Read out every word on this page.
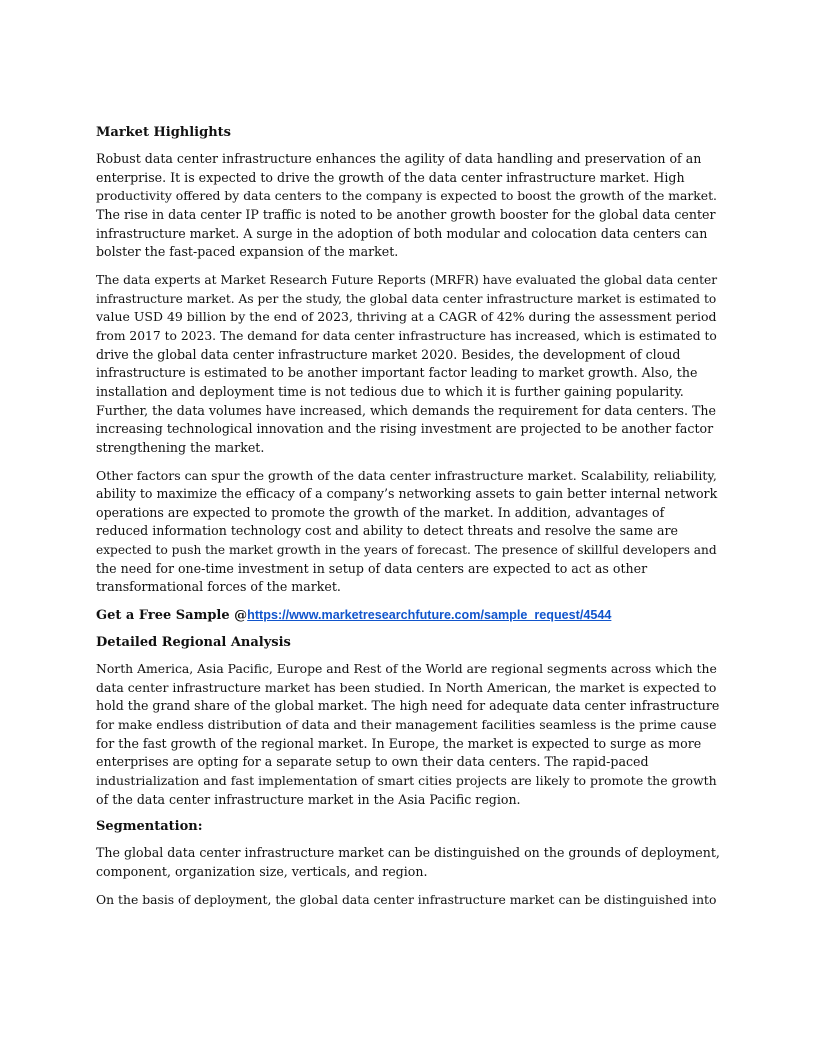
Market Highlights
Robust data center infrastructure enhances the agility of data handling and preservation of an
enterprise. It is expected to drive the growth of the data center infrastructure market. High
productivity offered by data centers to the company is expected to boost the growth of the market.
The rise in data center IP traffic is noted to be another growth booster for the global data center
infrastructure market. A surge in the adoption of both modular and colocation data centers can
bolster the fast-paced expansion of the market.
The data experts at Market Research Future Reports (MRFR) have evaluated the global data center
infrastructure market. As per the study, the global data center infrastructure market is estimated to
value USD 49 billion by the end of 2023, thriving at a CAGR of 42% during the assessment period
from 2017 to 2023. The demand for data center infrastructure has increased, which is estimated to
drive the global data center infrastructure market 2020. Besides, the development of cloud
infrastructure is estimated to be another important factor leading to market growth. Also, the
installation and deployment time is not tedious due to which it is further gaining popularity.
Further, the data volumes have increased, which demands the requirement for data centers. The
increasing technological innovation and the rising investment are projected to be another factor
strengthening the market.
Other factors can spur the growth of the data center infrastructure market. Scalability, reliability,
ability to maximize the efficacy of a company’s networking assets to gain better internal network
operations are expected to promote the growth of the market. In addition, advantages of
reduced information technology cost and ability to detect threats and resolve the same are
expected to push the market growth in the years of forecast. The presence of skillful developers and
the need for one-time investment in setup of data centers are expected to act as other
transformational forces of the market.
Get a Free Sample @https://www.marketresearchfuture.com/sample_request/4544
Detailed Regional Analysis
North America, Asia Pacific, Europe and Rest of the World are regional segments across which the
data center infrastructure market has been studied. In North American, the market is expected to
hold the grand share of the global market. The high need for adequate data center infrastructure
for make endless distribution of data and their management facilities seamless is the prime cause
for the fast growth of the regional market. In Europe, the market is expected to surge as more
enterprises are opting for a separate setup to own their data centers. The rapid-paced
industrialization and fast implementation of smart cities projects are likely to promote the growth
of the data center infrastructure market in the Asia Pacific region.
Segmentation:
The global data center infrastructure market can be distinguished on the grounds of deployment,
component, organization size, verticals, and region.
On the basis of deployment, the global data center infrastructure market can be distinguished into
